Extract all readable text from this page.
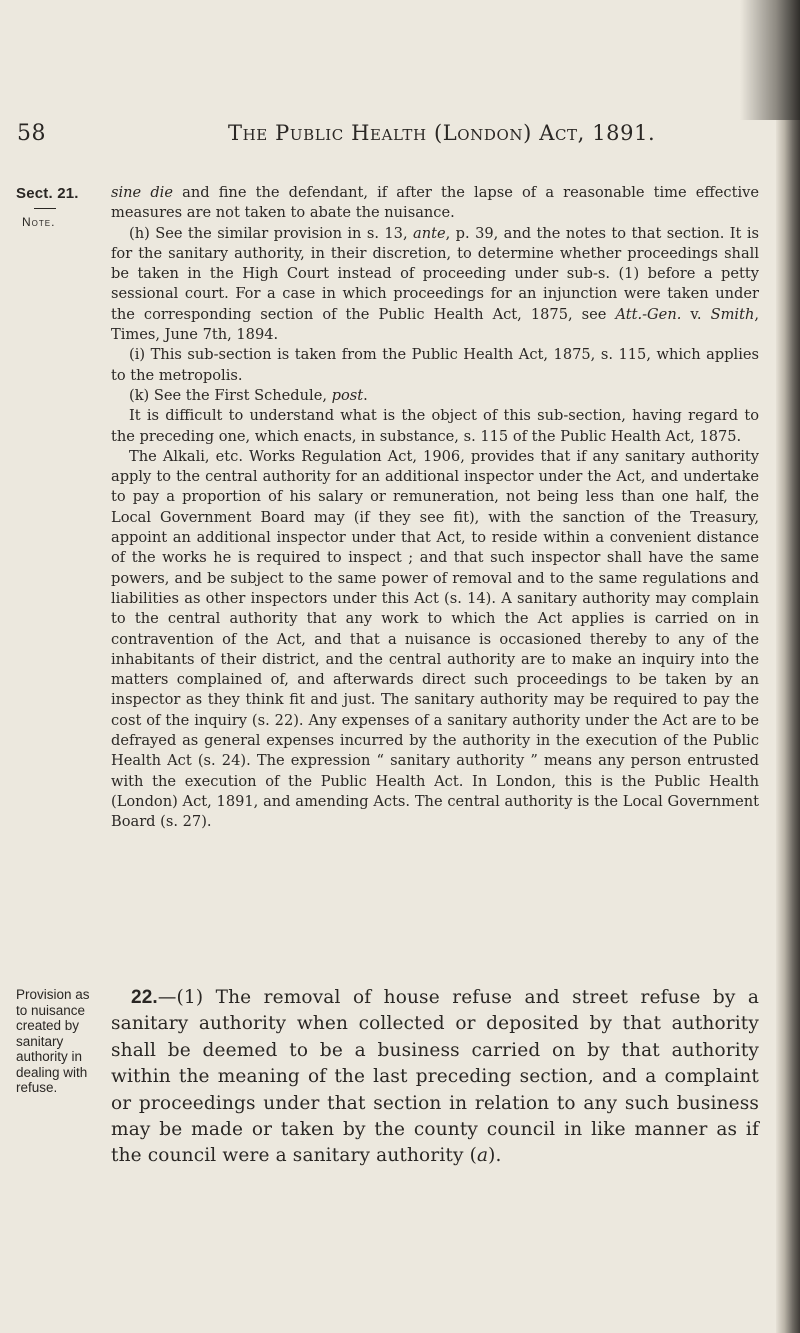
58	The Public Health (London) Act, 1891.
Sect. 21.
Note.

sine die and fine the defendant, if after the lapse of a reasonable time effective measures are not taken to abate the nuisance.

(h) See the similar provision in s. 13, ante, p. 39, and the notes to that section. It is for the sanitary authority, in their discretion, to determine whether proceedings shall be taken in the High Court instead of proceeding under sub-s. (1) before a petty sessional court. For a case in which proceedings for an injunction were taken under the corresponding section of the Public Health Act, 1875, see Att.-Gen. v. Smith, Times, June 7th, 1894.

(i) This sub-section is taken from the Public Health Act, 1875, s. 115, which applies to the metropolis.

(k) See the First Schedule, post.

It is difficult to understand what is the object of this sub-section, having regard to the preceding one, which enacts, in substance, s. 115 of the Public Health Act, 1875.

The Alkali, etc. Works Regulation Act, 1906, provides that if any sanitary authority apply to the central authority for an additional inspector under the Act, and undertake to pay a proportion of his salary or remuneration, not being less than one half, the Local Government Board may (if they see fit), with the sanction of the Treasury, appoint an additional inspector under that Act, to reside within a convenient distance of the works he is required to inspect ; and that such inspector shall have the same powers, and be subject to the same power of removal and to the same regulations and liabilities as other inspectors under this Act (s. 14). A sanitary authority may complain to the central authority that any work to which the Act applies is carried on in contravention of the Act, and that a nuisance is occasioned thereby to any of the inhabitants of their district, and the central authority are to make an inquiry into the matters complained of, and afterwards direct such proceedings to be taken by an inspector as they think fit and just. The sanitary authority may be required to pay the cost of the inquiry (s. 22). Any expenses of a sanitary authority under the Act are to be defrayed as general expenses incurred by the authority in the execution of the Public Health Act (s. 24). The expression “ sanitary authority ” means any person entrusted with the execution of the Public Health Act. In London, this is the Public Health (London) Act, 1891, and amending Acts. The central authority is the Local Government Board (s. 27).

Provision as to nuisance created by sanitary authority in dealing with refuse.

22.—(1) The removal of house refuse and street refuse by a sanitary authority when collected or deposited by that authority shall be deemed to be a business carried on by that authority within the meaning of the last preceding section, and a complaint or proceedings under that section in relation to any such business may be made or taken by the county council in like manner as if the council were a sanitary authority (a).
